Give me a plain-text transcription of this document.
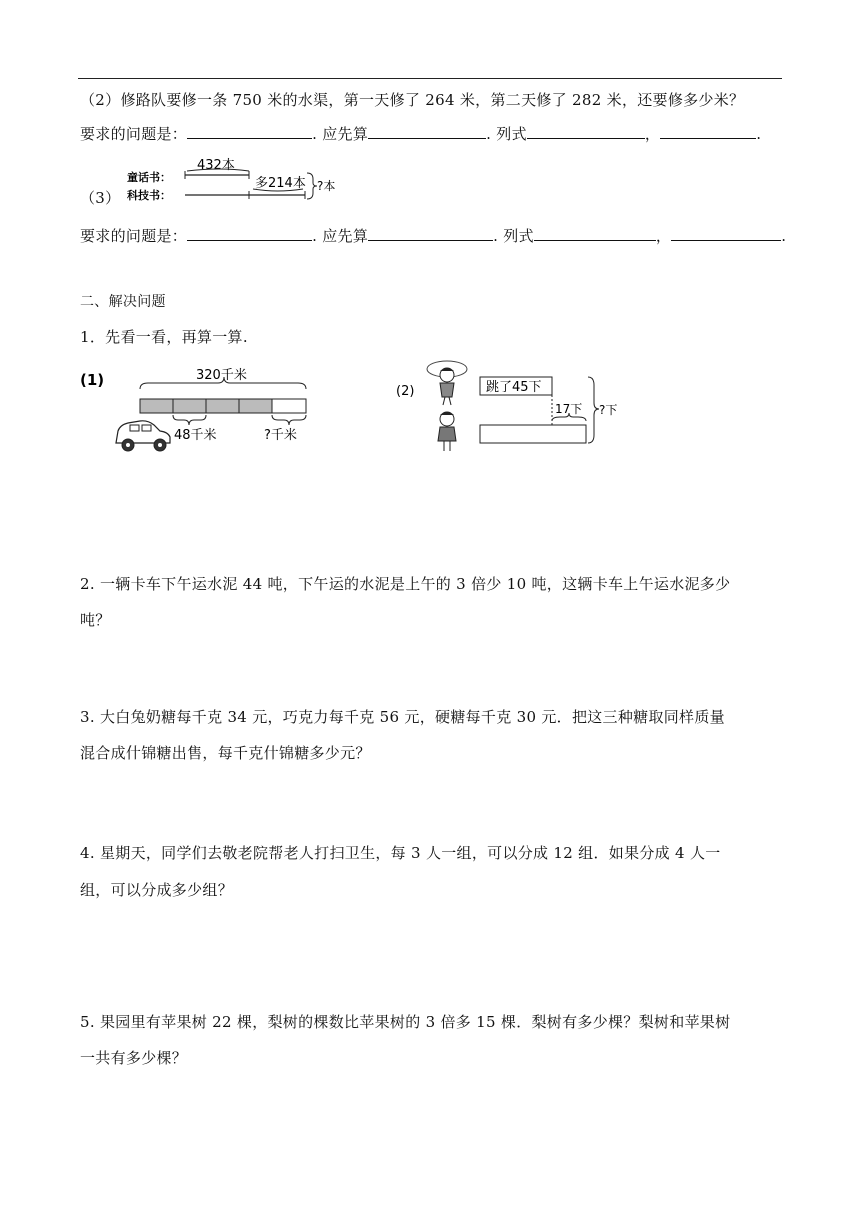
（2）修路队要修一条 750 米的水渠，第一天修了 264 米，第二天修了 282 米，还要修多少米？
要求的问题是：	. 应先算	. 列式	，	.
（3）
432本
童话书：
科技书：
多214本 ?本
要求的问题是：	. 应先算	. 列式	，	.
二、解决问题
1．先看一看，再算一算.
(1)	320千米
48千米	?千米
(2)	跳了45下
17下 ?下
2. 一辆卡车下午运水泥 44 吨，下午运的水泥是上午的 3 倍少 10 吨，这辆卡车上午运水泥多少
吨？
3. 大白兔奶糖每千克 34 元，巧克力每千克 56 元，硬糖每千克 30 元．把这三种糖取同样质量
混合成什锦糖出售，每千克什锦糖多少元？
4. 星期天，同学们去敬老院帮老人打扫卫生，每 3 人一组，可以分成 12 组．如果分成 4 人一
组，可以分成多少组？
5. 果园里有苹果树 22 棵，梨树的棵数比苹果树的 3 倍多 15 棵．梨树有多少棵？梨树和苹果树
一共有多少棵？
